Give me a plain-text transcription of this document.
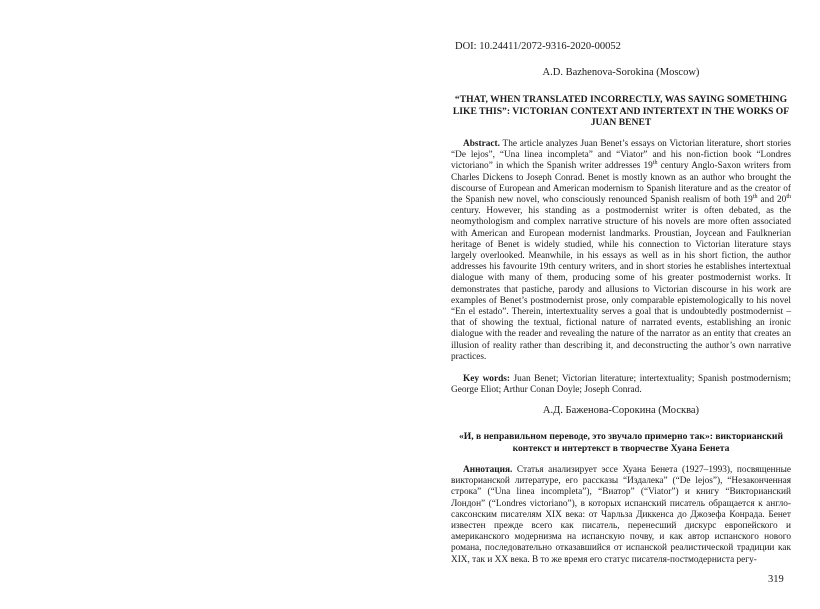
DOI: 10.24411/2072-9316-2020-00052
A.D. Bazhenova-Sorokina (Moscow)
“THAT, WHEN TRANSLATED INCORRECTLY, WAS SAYING SOMETHING LIKE THIS”: VICTORIAN CONTEXT AND INTERTEXT IN THE WORKS OF JUAN BENET

Abstract. The article analyzes Juan Benet’s essays on Victorian literature, short stories “De lejos”, “Una linea incompleta” and “Viator” and his non-fiction book “Londres victoriano” in which the Spanish writer addresses 19th century Anglo-Saxon writers from Charles Dickens to Joseph Conrad. Benet is mostly known as an author who brought the discourse of European and American modernism to Spanish literature and as the creator of the Spanish new novel, who consciously renounced Spanish realism of both 19th and 20th century. However, his standing as a postmodernist writer is often debated, as the neomythologism and complex narrative structure of his novels are more often associated with American and European modernist landmarks. Proustian, Joycean and Faulknerian heritage of Benet is widely studied, while his connection to Victorian literature stays largely overlooked. Meanwhile, in his essays as well as in his short fiction, the author addresses his favourite 19th century writers, and in short stories he establishes intertextual dialogue with many of them, producing some of his greater postmodernist works. It demonstrates that pastiche, parody and allusions to Victorian discourse in his work are examples of Benet’s postmodernist prose, only comparable epistemologically to his novel “En el estado”. Therein, intertextuality serves a goal that is undoubtedly postmodernist – that of showing the textual, fictional nature of narrated events, establishing an ironic dialogue with the reader and revealing the nature of the narrator as an entity that creates an illusion of reality rather than describing it, and deconstructing the author’s own narrative practices.

Key words: Juan Benet; Victorian literature; intertextuality; Spanish postmodernism; George Eliot; Arthur Conan Doyle; Joseph Conrad.

А.Д. Баженова-Сорокина (Москва)
«И, в неправильном переводе, это звучало примерно так»: викторианский контекст и интертекст в творчестве Хуана Бенета

Аннотация. Статья анализирует эссе Хуана Бенета (1927–1993), посвященные викторианской литературе, его рассказы “Издалека” (“De lejos”), “Незаконченная строка” (“Una linea incompleta”), “Виатор” (“Viator”) и книгу “Викторианский Лондон” (“Londres victoriano”), в которых испанский писатель обращается к англо-саксонским писателям XIX века: от Чарльза Диккенса до Джозефа Конрада. Бенет известен прежде всего как писатель, перенесший дискурс европейского и американского модернизма на испанскую почву, и как автор испанского нового романа, последовательно отказавшийся от испанской реалистической традиции как XIX, так и XX века. В то же время его статус писателя-постмодерниста регу-

319
